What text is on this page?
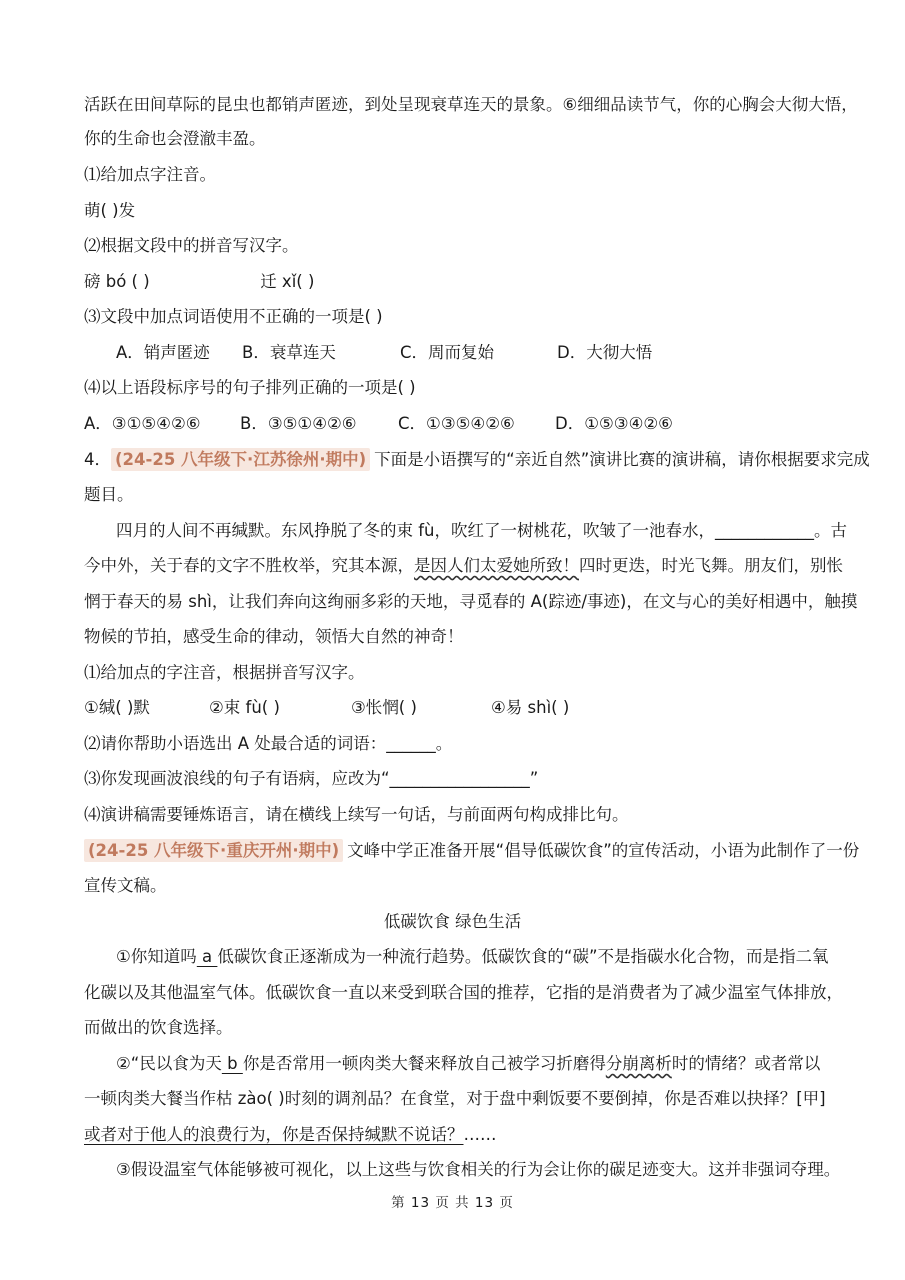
活跃在田间草际的昆虫也都销声匿迹，到处呈现衰草连天的景象。⑥细细品读节气，你的心胸会大彻大悟，
你的生命也会澄澈丰盈。
⑴给加点字注音。
萌( )发
⑵根据文段中的拼音写汉字。
磅 bó ( )	迁 xǐ( )
⑶文段中加点词语使用不正确的一项是( )
A．销声匿迹 B．衰草连天	C．周而复始	D．大彻大悟
⑷以上语段标序号的句子排列正确的一项是( )
A．③①⑤④②⑥ B．③⑤①④②⑥	C．①③⑤④②⑥ D．①⑤③④②⑥
4． (24-25 八年级下·江苏徐州·期中) 下面是小语撰写的“亲近自然”演讲比赛的演讲稿，请你根据要求完成
题目。
四月的人间不再缄默。东风挣脱了冬的束 fù，吹红了一树桃花，吹皱了一池春水，____________。古
今中外，关于春的文字不胜枚举，究其本源，是因人们太爱她所致！四时更迭，时光飞舞。朋友们，别怅
惘于春天的易 shì，让我们奔向这绚丽多彩的天地，寻觅春的 A(踪迹/事迹)，在文与心的美好相遇中，触摸
物候的节拍，感受生命的律动，领悟大自然的神奇！
⑴给加点的字注音，根据拼音写汉字。
①缄( )默	②束 fù( )	③怅惘( )	④易 shì( )
⑵请你帮助小语选出 A 处最合适的词语：______。
⑶你发现画波浪线的句子有语病，应改为“_________________”
⑷演讲稿需要锤炼语言，请在横线上续写一句话，与前面两句构成排比句。
(24-25 八年级下·重庆开州·期中) 文峰中学正准备开展“倡导低碳饮食”的宣传活动，小语为此制作了一份
宣传文稿。
低碳饮食 绿色生活
①你知道吗 a 低碳饮食正逐渐成为一种流行趋势。低碳饮食的“碳”不是指碳水化合物，而是指二氧
化碳以及其他温室气体。低碳饮食一直以来受到联合国的推荐，它指的是消费者为了减少温室气体排放，
而做出的饮食选择。
②“民以食为天 b 你是否常用一顿肉类大餐来释放自己被学习折磨得分崩离析时的情绪？或者常以
一顿肉类大餐当作枯 zào( )时刻的调剂品？在食堂，对于盘中剩饭要不要倒掉，你是否难以抉择？[甲]
或者对于他人的浪费行为，你是否保持缄默不说话？……
③假设温室气体能够被可视化，以上这些与饮食相关的行为会让你的碳足迹变大。这并非强词夺理。
第 13 页 共 13 页
